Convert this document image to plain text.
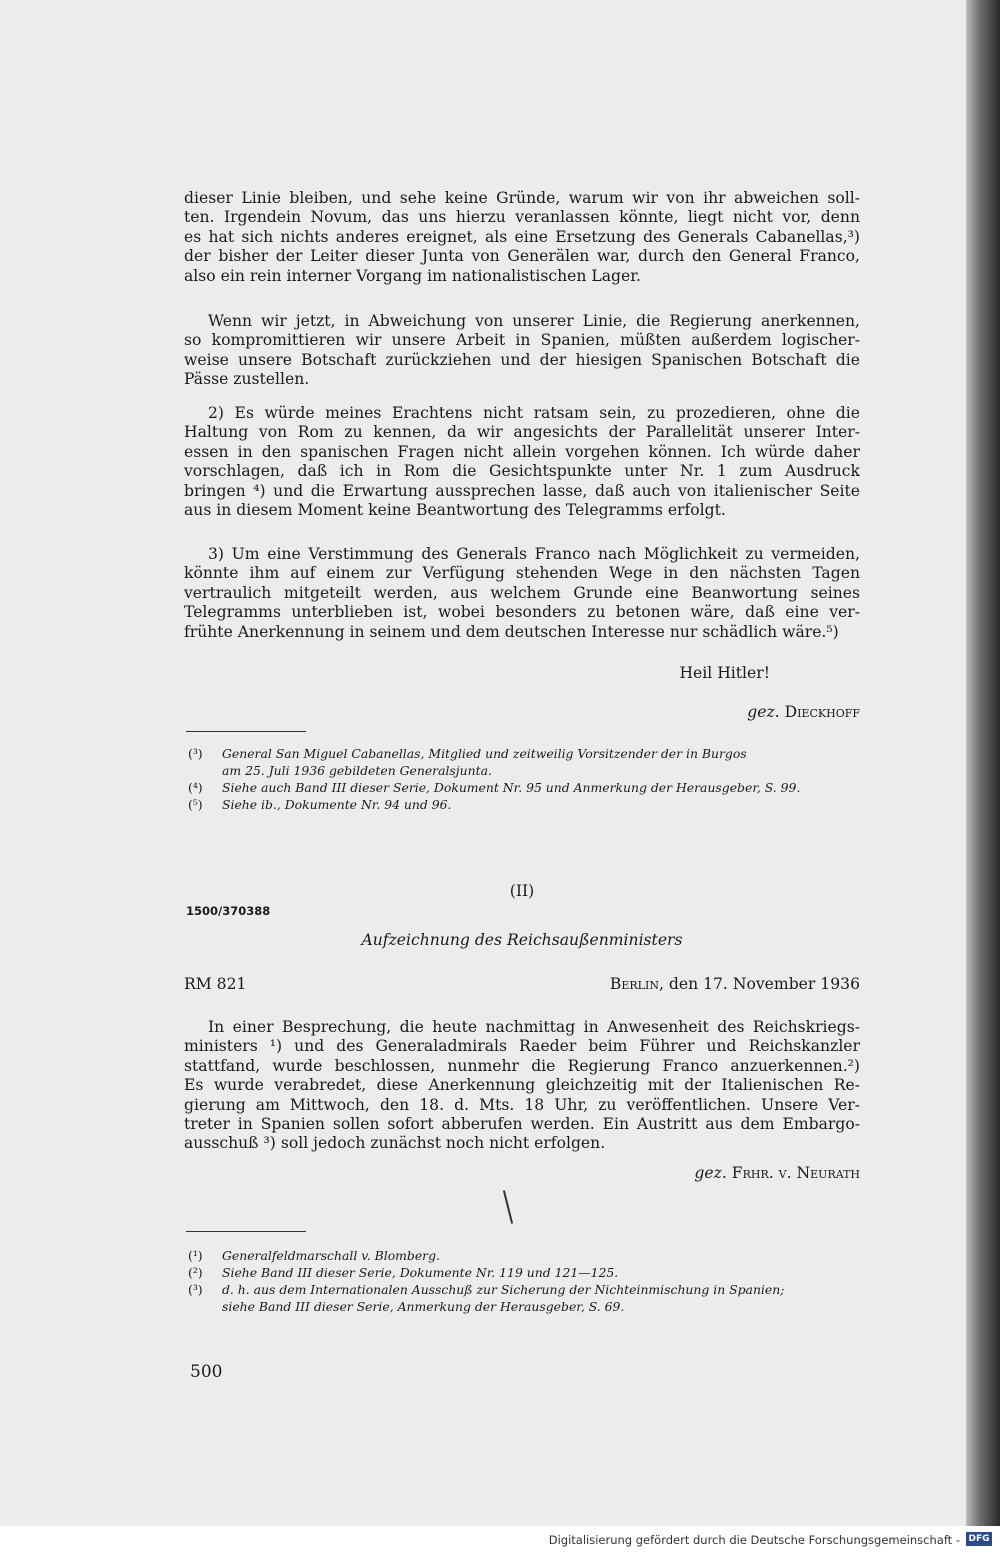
dieser Linie bleiben, und sehe keine Gründe, warum wir von ihr abweichen soll-
ten. Irgendein Novum, das uns hierzu veranlassen könnte, liegt nicht vor, denn
es hat sich nichts anderes ereignet, als eine Ersetzung des Generals Cabanellas,³)
der bisher der Leiter dieser Junta von Generälen war, durch den General Franco,
also ein rein interner Vorgang im nationalistischen Lager.
Wenn wir jetzt, in Abweichung von unserer Linie, die Regierung anerkennen,
so kompromittieren wir unsere Arbeit in Spanien, müßten außerdem logischer-
weise unsere Botschaft zurückziehen und der hiesigen Spanischen Botschaft die
Pässe zustellen.
2) Es würde meines Erachtens nicht ratsam sein, zu prozedieren, ohne die
Haltung von Rom zu kennen, da wir angesichts der Parallelität unserer Inter-
essen in den spanischen Fragen nicht allein vorgehen können. Ich würde daher
vorschlagen, daß ich in Rom die Gesichtspunkte unter Nr. 1 zum Ausdruck
bringen ⁴) und die Erwartung aussprechen lasse, daß auch von italienischer Seite
aus in diesem Moment keine Beantwortung des Telegramms erfolgt.
3) Um eine Verstimmung des Generals Franco nach Möglichkeit zu vermeiden,
könnte ihm auf einem zur Verfügung stehenden Wege in den nächsten Tagen
vertraulich mitgeteilt werden, aus welchem Grunde eine Beanwortung seines
Telegramms unterblieben ist, wobei besonders zu betonen wäre, daß eine ver-
frühte Anerkennung in seinem und dem deutschen Interesse nur schädlich wäre.⁵)
Heil Hitler!
gez. Dieckhoff
(³) General San Miguel Cabanellas, Mitglied und zeitweilig Vorsitzender der in Burgos
am 25. Juli 1936 gebildeten Generalsjunta.
(⁴) Siehe auch Band III dieser Serie, Dokument Nr. 95 und Anmerkung der Herausgeber, S. 99.
(⁵) Siehe ib., Dokumente Nr. 94 und 96.
(II)
1500/370388
Aufzeichnung des Reichsaußenministers
RM 821	Berlin, den 17. November 1936
In einer Besprechung, die heute nachmittag in Anwesenheit des Reichskriegs-
ministers ¹) und des Generaladmirals Raeder beim Führer und Reichskanzler
stattfand, wurde beschlossen, nunmehr die Regierung Franco anzuerkennen.²)
Es wurde verabredet, diese Anerkennung gleichzeitig mit der Italienischen Re-
gierung am Mittwoch, den 18. d. Mts. 18 Uhr, zu veröffentlichen. Unsere Ver-
treter in Spanien sollen sofort abberufen werden. Ein Austritt aus dem Embargo-
ausschuß ³) soll jedoch zunächst noch nicht erfolgen.
gez. Frhr. v. Neurath
(¹) Generalfeldmarschall v. Blomberg.
(²) Siehe Band III dieser Serie, Dokumente Nr. 119 und 121—125.
(³) d. h. aus dem Internationalen Ausschuß zur Sicherung der Nichteinmischung in Spanien;
siehe Band III dieser Serie, Anmerkung der Herausgeber, S. 69.
500
Digitalisierung gefördert durch die Deutsche Forschungsgemeinschaft - DFG
